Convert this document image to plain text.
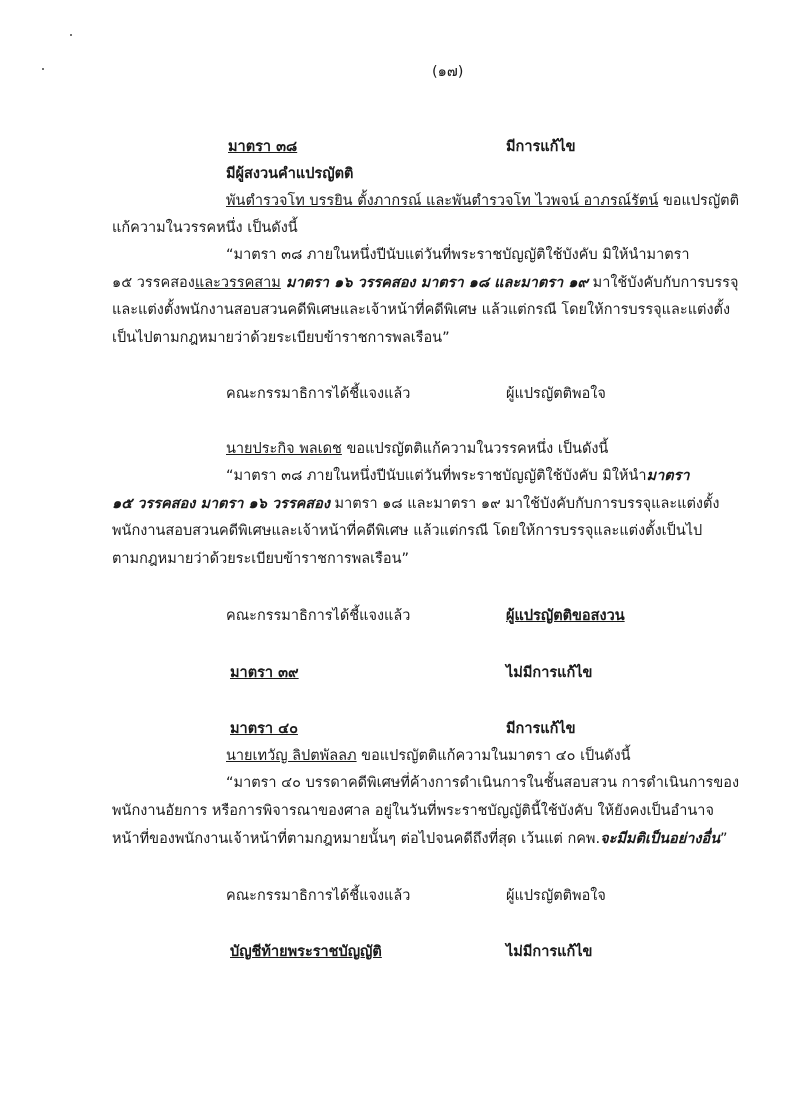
(๑๗)
มาตรา ๓๘	มีการแก้ไข
มีผู้สงวนคำแปรญัตติ
พันตำรวจโท บรรยิน ตั้งภากรณ์ และพันตำรวจโท ไวพจน์ อาภรณ์รัตน์ ขอแปรญัตติ
แก้ความในวรรคหนึ่ง เป็นดังนี้
“มาตรา ๓๘ ภายในหนึ่งปีนับแต่วันที่พระราชบัญญัติใช้บังคับ มิให้นำมาตรา
๑๕ วรรคสองและวรรคสาม มาตรา ๑๖ วรรคสอง มาตรา ๑๘ และมาตรา ๑๙ มาใช้บังคับกับการบรรจุ
และแต่งตั้งพนักงานสอบสวนคดีพิเศษและเจ้าหน้าที่คดีพิเศษ แล้วแต่กรณี โดยให้การบรรจุและแต่งตั้ง
เป็นไปตามกฎหมายว่าด้วยระเบียบข้าราชการพลเรือน”
คณะกรรมาธิการได้ชี้แจงแล้ว	ผู้แปรญัตติพอใจ
นายประกิจ พลเดช ขอแปรญัตติแก้ความในวรรคหนึ่ง เป็นดังนี้
“มาตรา ๓๘ ภายในหนึ่งปีนับแต่วันที่พระราชบัญญัติใช้บังคับ มิให้นำมาตรา
๑๕ วรรคสอง มาตรา ๑๖ วรรคสอง มาตรา ๑๘ และมาตรา ๑๙ มาใช้บังคับกับการบรรจุและแต่งตั้ง
พนักงานสอบสวนคดีพิเศษและเจ้าหน้าที่คดีพิเศษ แล้วแต่กรณี โดยให้การบรรจุและแต่งตั้งเป็นไป
ตามกฎหมายว่าด้วยระเบียบข้าราชการพลเรือน”
คณะกรรมาธิการได้ชี้แจงแล้ว	ผู้แปรญัตติขอสงวน
มาตรา ๓๙	ไม่มีการแก้ไข
มาตรา ๔๐	มีการแก้ไข
นายเทวัญ ลิปตพัลลภ ขอแปรญัตติแก้ความในมาตรา ๔๐ เป็นดังนี้
“มาตรา ๔๐ บรรดาคดีพิเศษที่ค้างการดำเนินการในชั้นสอบสวน การดำเนินการของ
พนักงานอัยการ หรือการพิจารณาของศาล อยู่ในวันที่พระราชบัญญัตินี้ใช้บังคับ ให้ยังคงเป็นอำนาจ
หน้าที่ของพนักงานเจ้าหน้าที่ตามกฎหมายนั้นๆ ต่อไปจนคดีถึงที่สุด เว้นแต่ กคพ.จะมีมติเป็นอย่างอื่น”
คณะกรรมาธิการได้ชี้แจงแล้ว	ผู้แปรญัตติพอใจ
บัญชีท้ายพระราชบัญญัติ	ไม่มีการแก้ไข
